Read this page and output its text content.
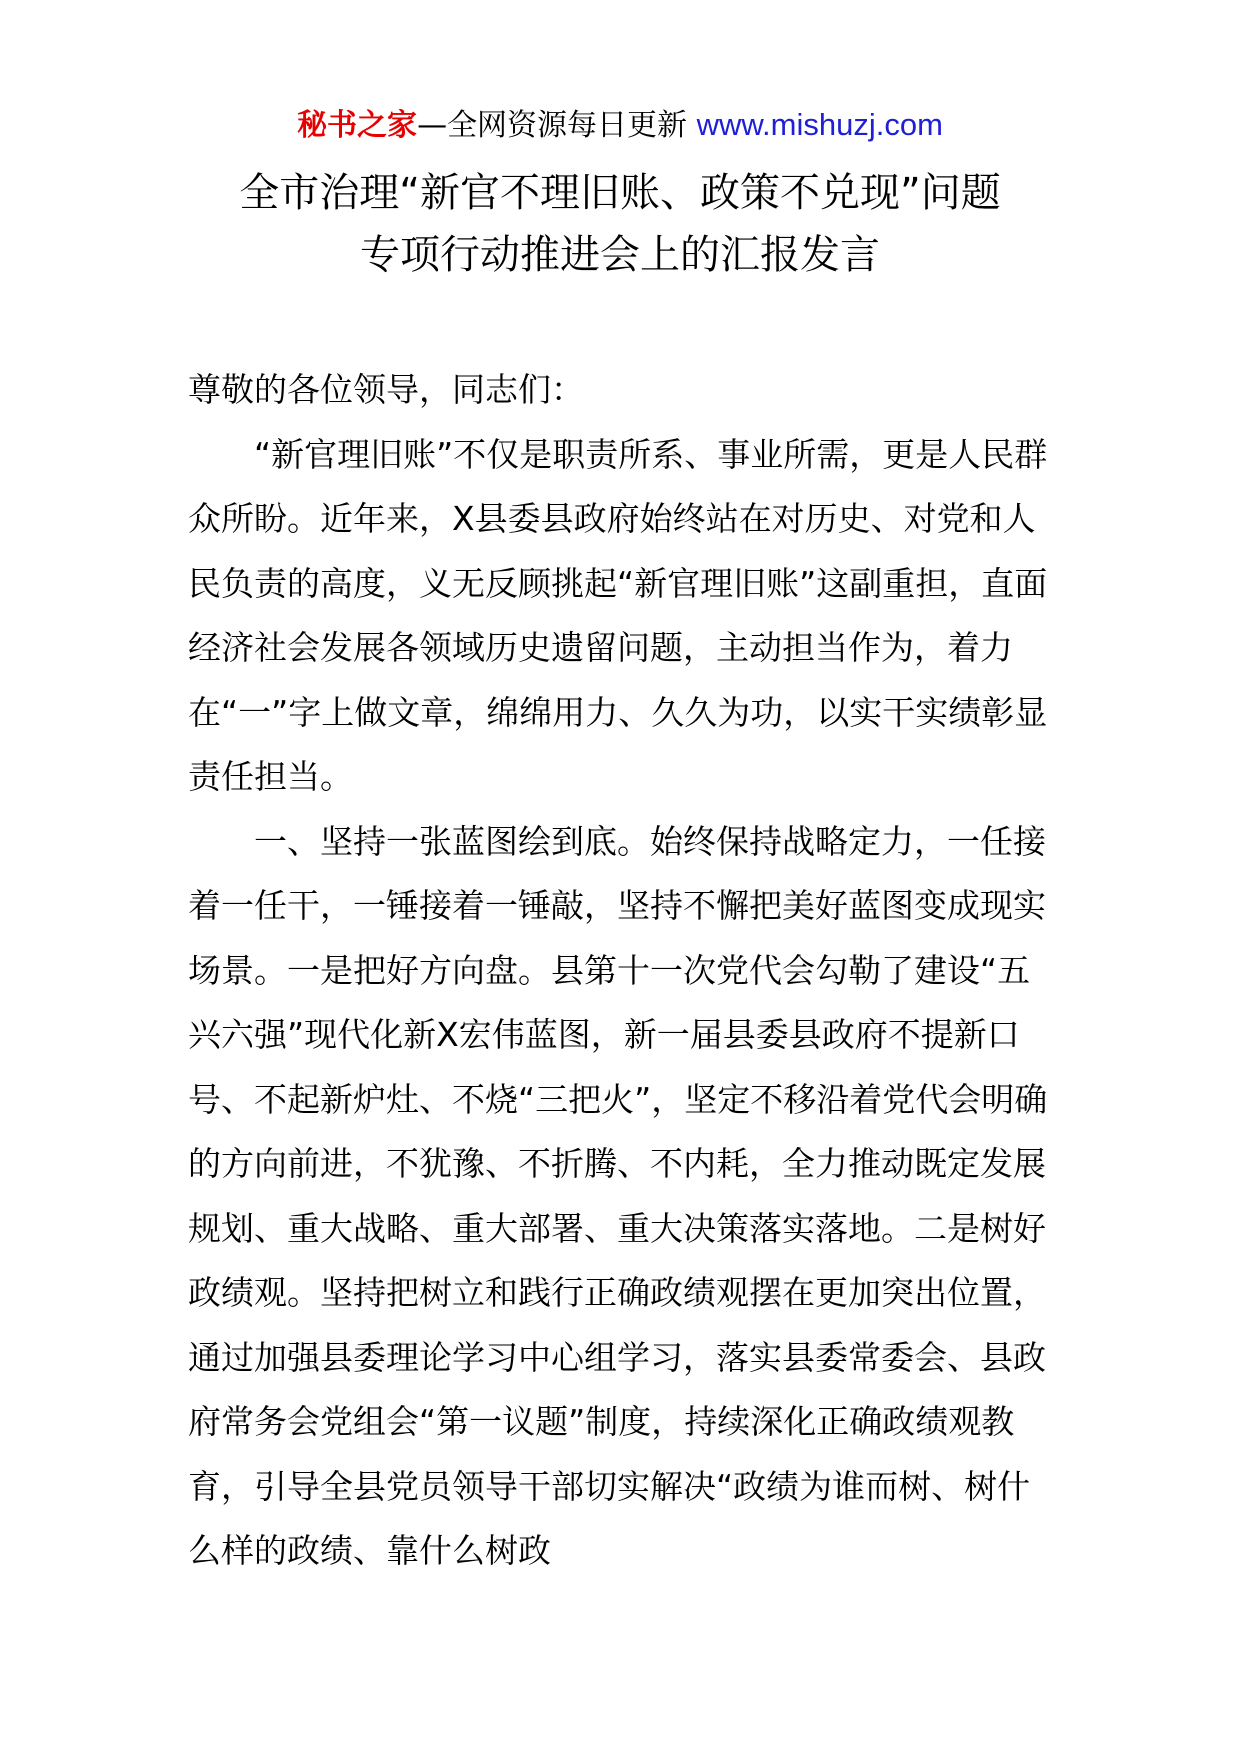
秘书之家—全网资源每日更新 www.mishuzj.com
全市治理“新官不理旧账、政策不兑现”问题
专项行动推进会上的汇报发言

尊敬的各位领导，同志们：

“新官理旧账”不仅是职责所系、事业所需，更是人民群众所盼。近年来，X县委县政府始终站在对历史、对党和人民负责的高度，义无反顾挑起“新官理旧账”这副重担，直面经济社会发展各领域历史遗留问题，主动担当作为，着力在“一”字上做文章，绵绵用力、久久为功，以实干实绩彰显责任担当。

一、坚持一张蓝图绘到底。始终保持战略定力，一任接着一任干，一锤接着一锤敲，坚持不懈把美好蓝图变成现实场景。一是把好方向盘。县第十一次党代会勾勒了建设“五兴六强”现代化新X宏伟蓝图，新一届县委县政府不提新口号、不起新炉灶、不烧“三把火”，坚定不移沿着党代会明确的方向前进，不犹豫、不折腾、不内耗，全力推动既定发展规划、重大战略、重大部署、重大决策落实落地。二是树好政绩观。坚持把树立和践行正确政绩观摆在更加突出位置，通过加强县委理论学习中心组学习，落实县委常委会、县政府常务会党组会“第一议题”制度，持续深化正确政绩观教育，引导全县党员领导干部切实解决“政绩为谁而树、树什么样的政绩、靠什么树政
